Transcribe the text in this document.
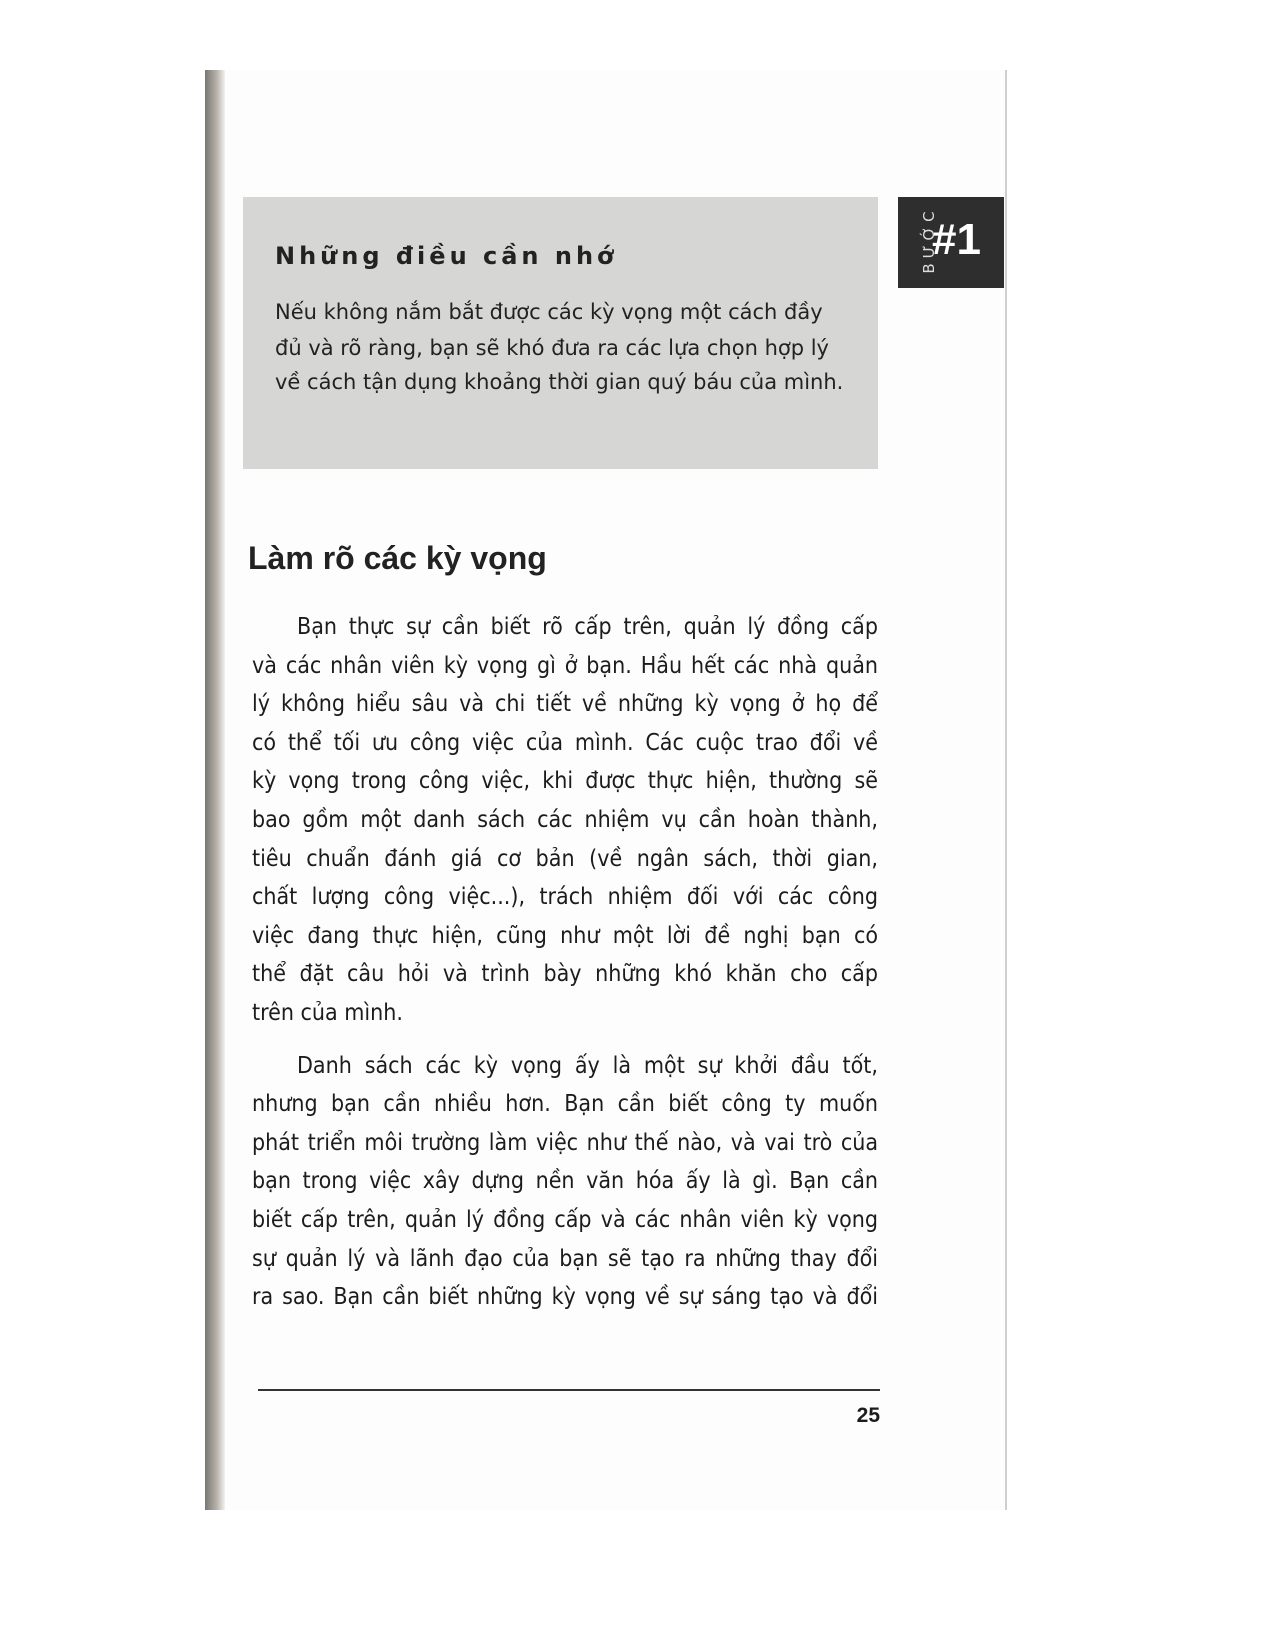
Những điều cần nhớ
Nếu không nắm bắt được các kỳ vọng một cách đầy
đủ và rõ ràng, bạn sẽ khó đưa ra các lựa chọn hợp lý
về cách tận dụng khoảng thời gian quý báu của mình.
BƯỚC
#1
Làm rõ các kỳ vọng
Bạn thực sự cần biết rõ cấp trên, quản lý đồng cấp
và các nhân viên kỳ vọng gì ở bạn. Hầu hết các nhà quản
lý không hiểu sâu và chi tiết về những kỳ vọng ở họ để
có thể tối ưu công việc của mình. Các cuộc trao đổi về
kỳ vọng trong công việc, khi được thực hiện, thường sẽ
bao gồm một danh sách các nhiệm vụ cần hoàn thành,
tiêu chuẩn đánh giá cơ bản (về ngân sách, thời gian,
chất lượng công việc...), trách nhiệm đối với các công
việc đang thực hiện, cũng như một lời đề nghị bạn có
thể đặt câu hỏi và trình bày những khó khăn cho cấp
trên của mình.
Danh sách các kỳ vọng ấy là một sự khởi đầu tốt,
nhưng bạn cần nhiều hơn. Bạn cần biết công ty muốn
phát triển môi trường làm việc như thế nào, và vai trò của
bạn trong việc xây dựng nền văn hóa ấy là gì. Bạn cần
biết cấp trên, quản lý đồng cấp và các nhân viên kỳ vọng
sự quản lý và lãnh đạo của bạn sẽ tạo ra những thay đổi
ra sao. Bạn cần biết những kỳ vọng về sự sáng tạo và đổi
25
